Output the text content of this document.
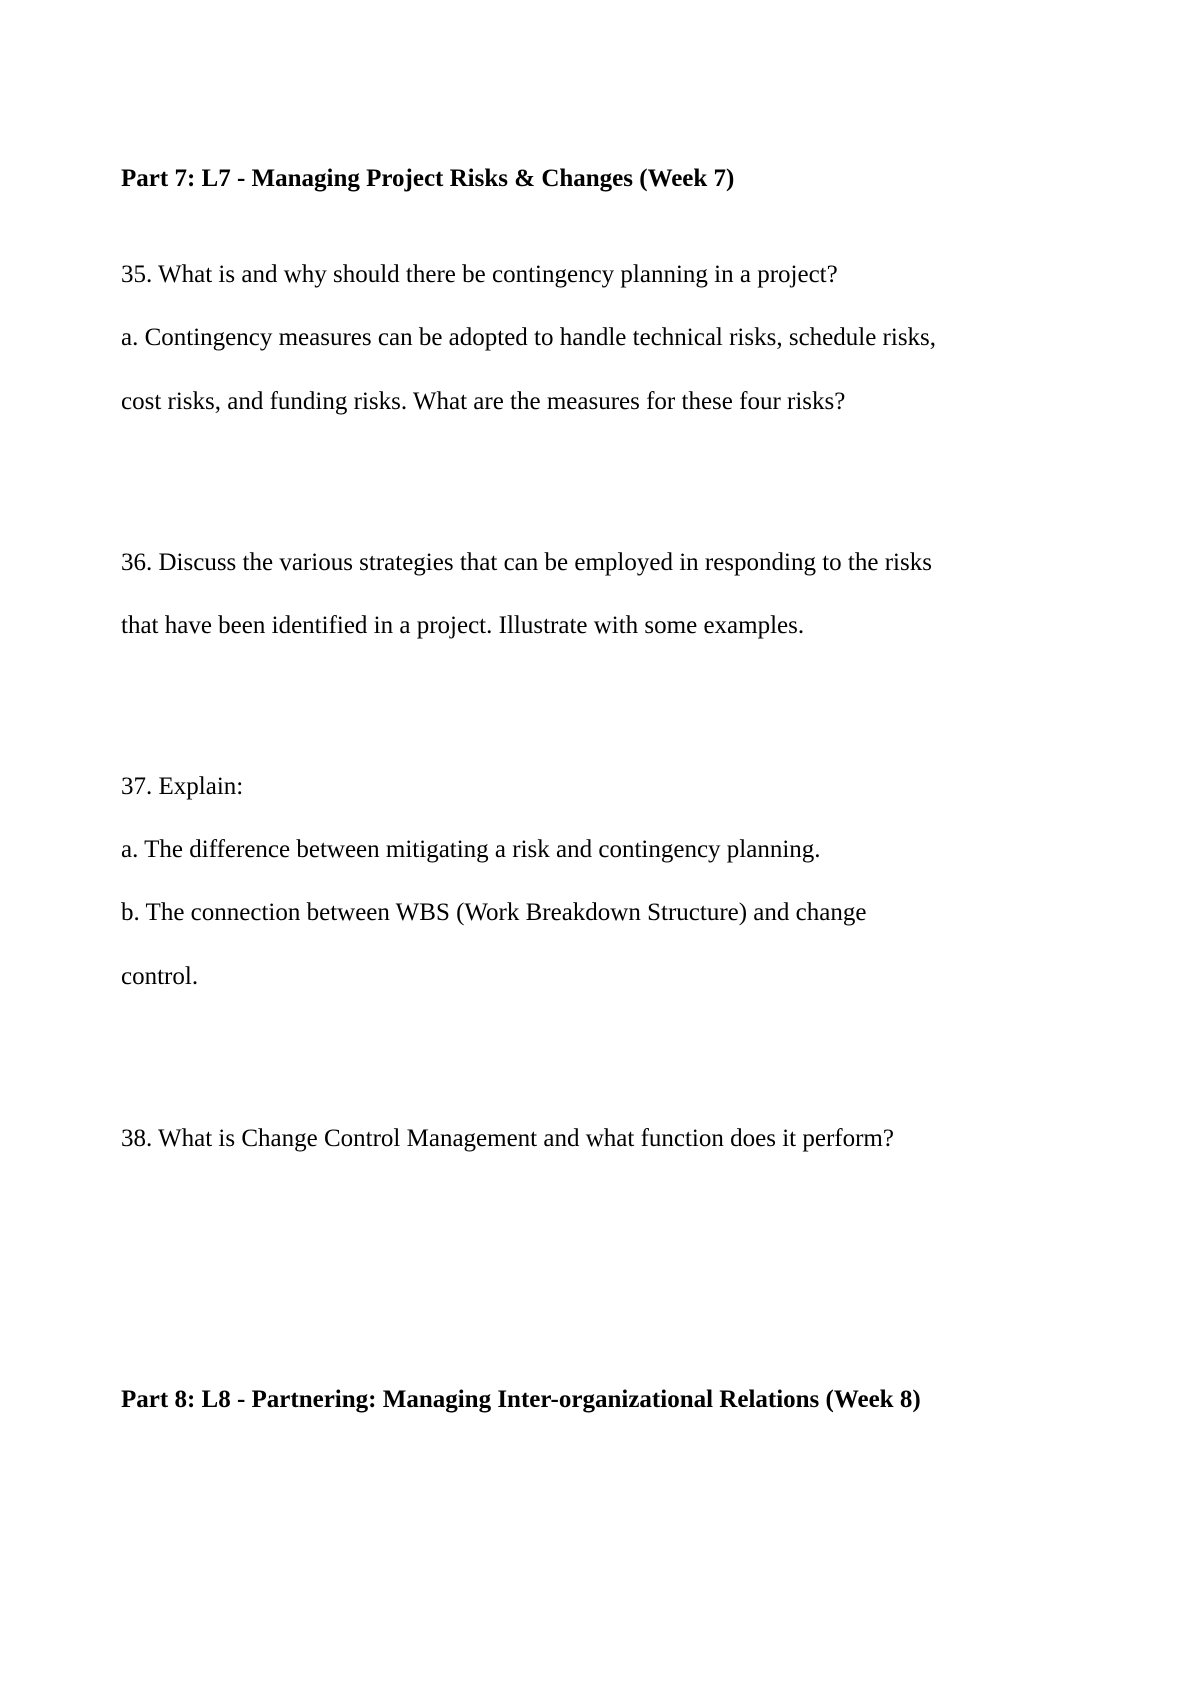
Part 7: L7 - Managing Project Risks & Changes (Week 7)
35. What is and why should there be contingency planning in a project?
a. Contingency measures can be adopted to handle technical risks, schedule risks,
cost risks, and funding risks. What are the measures for these four risks?
36. Discuss the various strategies that can be employed in responding to the risks
that have been identified in a project. Illustrate with some examples.
37. Explain:
a. The difference between mitigating a risk and contingency planning.
b. The connection between WBS (Work Breakdown Structure) and change
control.
38. What is Change Control Management and what function does it perform?
Part 8: L8 - Partnering: Managing Inter-organizational Relations (Week 8)
